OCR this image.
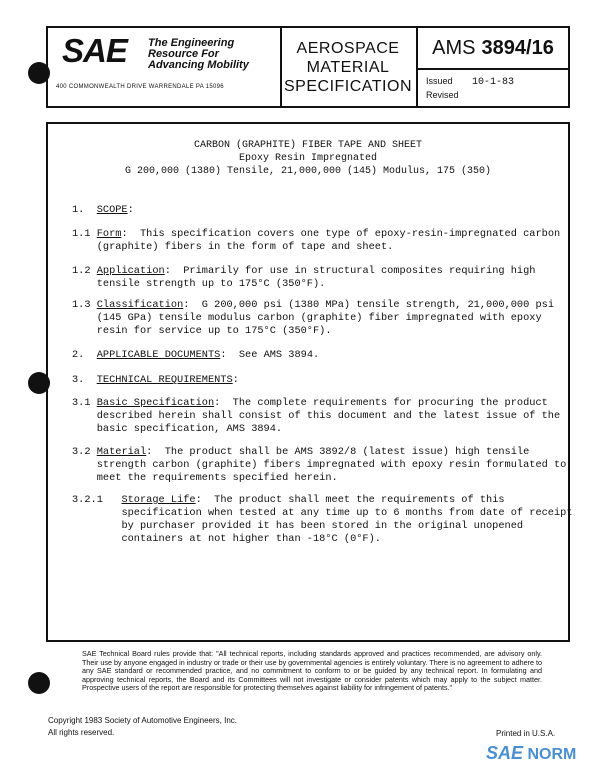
SAE The Engineering
Resource For
Advancing Mobility
400 COMMONWEALTH DRIVE WARRENDALE PA 15096
AEROSPACE
MATERIAL
SPECIFICATION
AMS 3894/16
Issued 10-1-83
Revised
CARBON (GRAPHITE) FIBER TAPE AND SHEET
Epoxy Resin Impregnated
G 200,000 (1380) Tensile, 21,000,000 (145) Modulus, 175 (350)
1. SCOPE:
1.1 Form:  This specification covers one type of epoxy-resin-impregnated carbon
(graphite) fibers in the form of tape and sheet.
1.2 Application:  Primarily for use in structural composites requiring high
tensile strength up to 175°C (350°F).
1.3 Classification:  G 200,000 psi (1380 MPa) tensile strength, 21,000,000 psi
(145 GPa) tensile modulus carbon (graphite) fiber impregnated with epoxy
resin for service up to 175°C (350°F).
2. APPLICABLE DOCUMENTS:  See AMS 3894.
3. TECHNICAL REQUIREMENTS:
3.1 Basic Specification:  The complete requirements for procuring the product
described herein shall consist of this document and the latest issue of the
basic specification, AMS 3894.
3.2 Material:  The product shall be AMS 3892/8 (latest issue) high tensile
strength carbon (graphite) fibers impregnated with epoxy resin formulated to
meet the requirements specified herein.
3.2.1 Storage Life:  The product shall meet the requirements of this
specification when tested at any time up to 6 months from date of receipt
by purchaser provided it has been stored in the original unopened
containers at not higher than -18°C (0°F).
SAE Technical Board rules provide that: "All technical reports, including standards approved and practices recommended, are advisory only. Their use by anyone engaged in industry or trade or their use by governmental agencies is entirely voluntary. There is no agreement to adhere to any SAE standard or recommended practice, and no commitment to conform to or be guided by any technical report. In formulating and approving technical reports, the Board and its Committees will not investigate or consider patents which may apply to the subject matter. Prospective users of the report are responsible for protecting themselves against liability for infringement of patents."
Copyright 1983 Society of Automotive Engineers, Inc.
All rights reserved.	Printed in U.S.A.
SAE NORM
